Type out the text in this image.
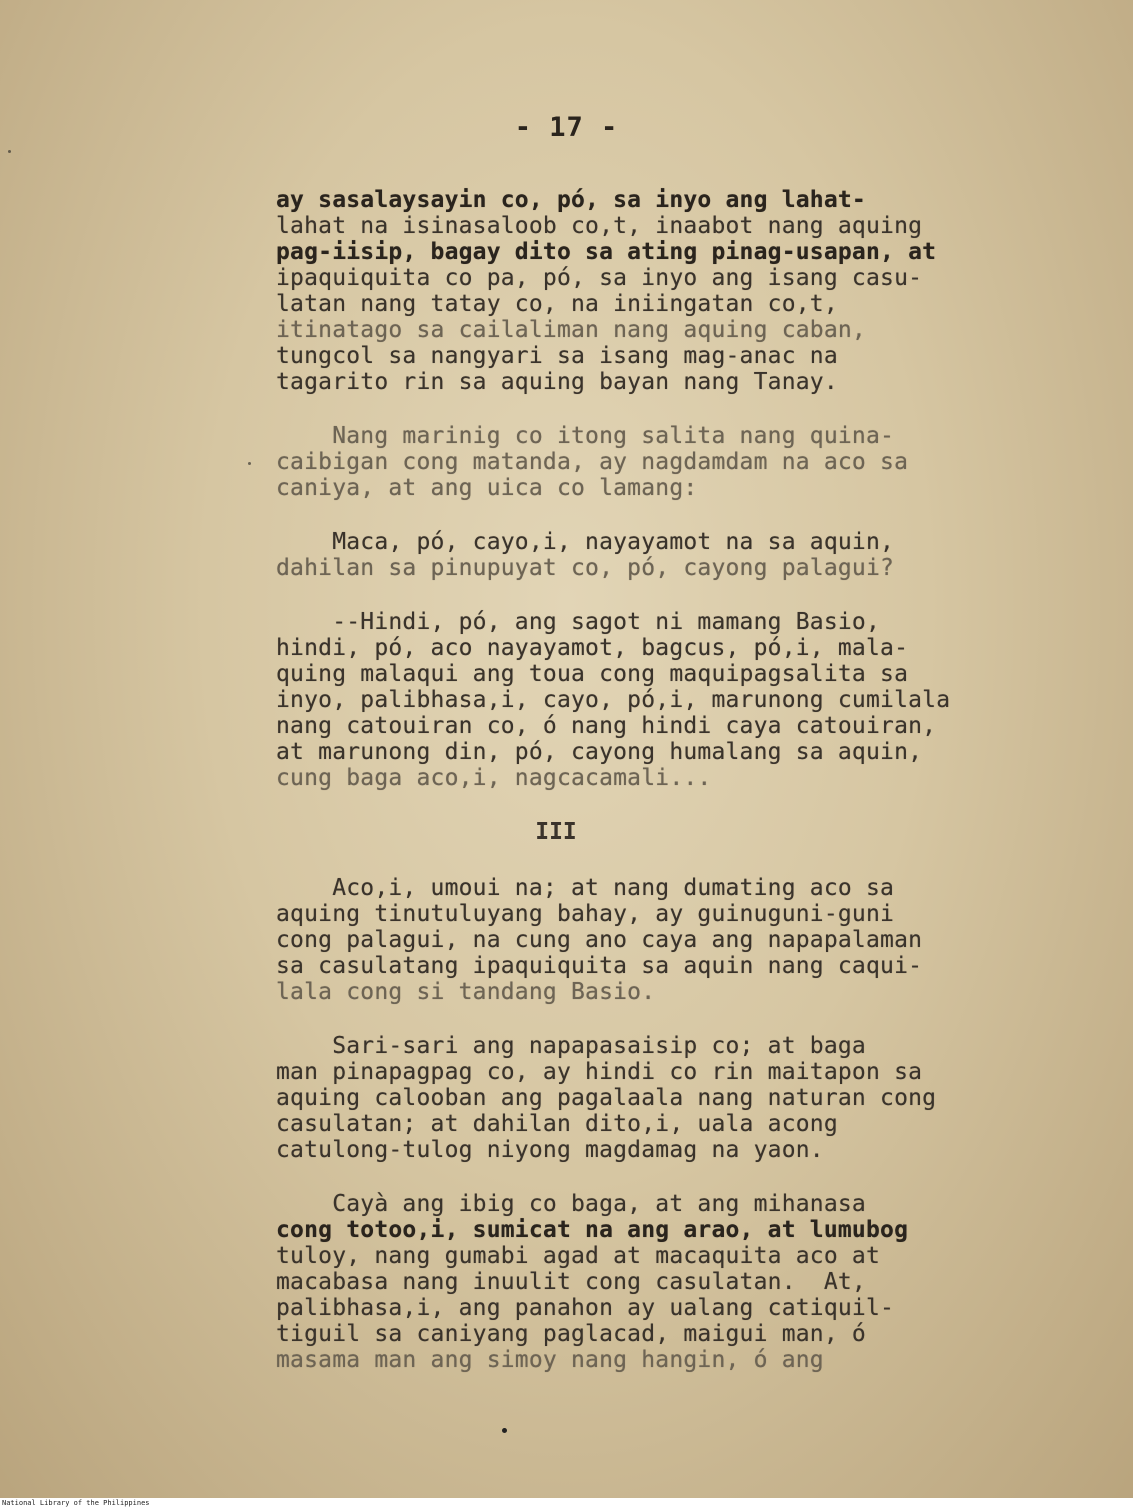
- 17 -
ay sasalaysayin co, pó, sa inyo ang lahat-
lahat na isinasaloob co,t, inaabot nang aquing
pag-iisip, bagay dito sa ating pinag-usapan, at
ipaquiquita co pa, pó, sa inyo ang isang casu-
latan nang tatay co, na iniingatan co,t,
itinatago sa cailaliman nang aquing caban,
tungcol sa nangyari sa isang mag-anac na
tagarito rin sa aquing bayan nang Tanay.
Nang marinig co itong salita nang quina-
caibigan cong matanda, ay nagdamdam na aco sa
caniya, at ang uica co lamang:
Maca, pó, cayo,i, nayayamot na sa aquin,
dahilan sa pinupuyat co, pó, cayong palagui?
--Hindi, pó, ang sagot ni mamang Basio,
hindi, pó, aco nayayamot, bagcus, pó,i, mala-
quing malaqui ang toua cong maquipagsalita sa
inyo, palibhasa,i, cayo, pó,i, marunong cumilala
nang catouiran co, ó nang hindi caya catouiran,
at marunong din, pó, cayong humalang sa aquin,
cung baga aco,i, nagcacamali...
III
Aco,i, umoui na; at nang dumating aco sa
aquing tinutuluyang bahay, ay guinuguni-guni
cong palagui, na cung ano caya ang napapalaman
sa casulatang ipaquiquita sa aquin nang caqui-
lala cong si tandang Basio.
Sari-sari ang napapasaisip co; at baga
man pinapagpag co, ay hindi co rin maitapon sa
aquing calooban ang pagalaala nang naturan cong
casulatan; at dahilan dito,i, uala acong
catulong-tulog niyong magdamag na yaon.
Cayà ang ibig co baga, at ang mihanasa
cong totoo,i, sumicat na ang arao, at lumubog
tuloy, nang gumabi agad at macaquita aco at
macabasa nang inuulit cong casulatan.  At,
palibhasa,i, ang panahon ay ualang catiquil-
tiguil sa caniyang paglacad, maigui man, ó
masama man ang simoy nang hangin, ó ang
National Library of the Philippines
